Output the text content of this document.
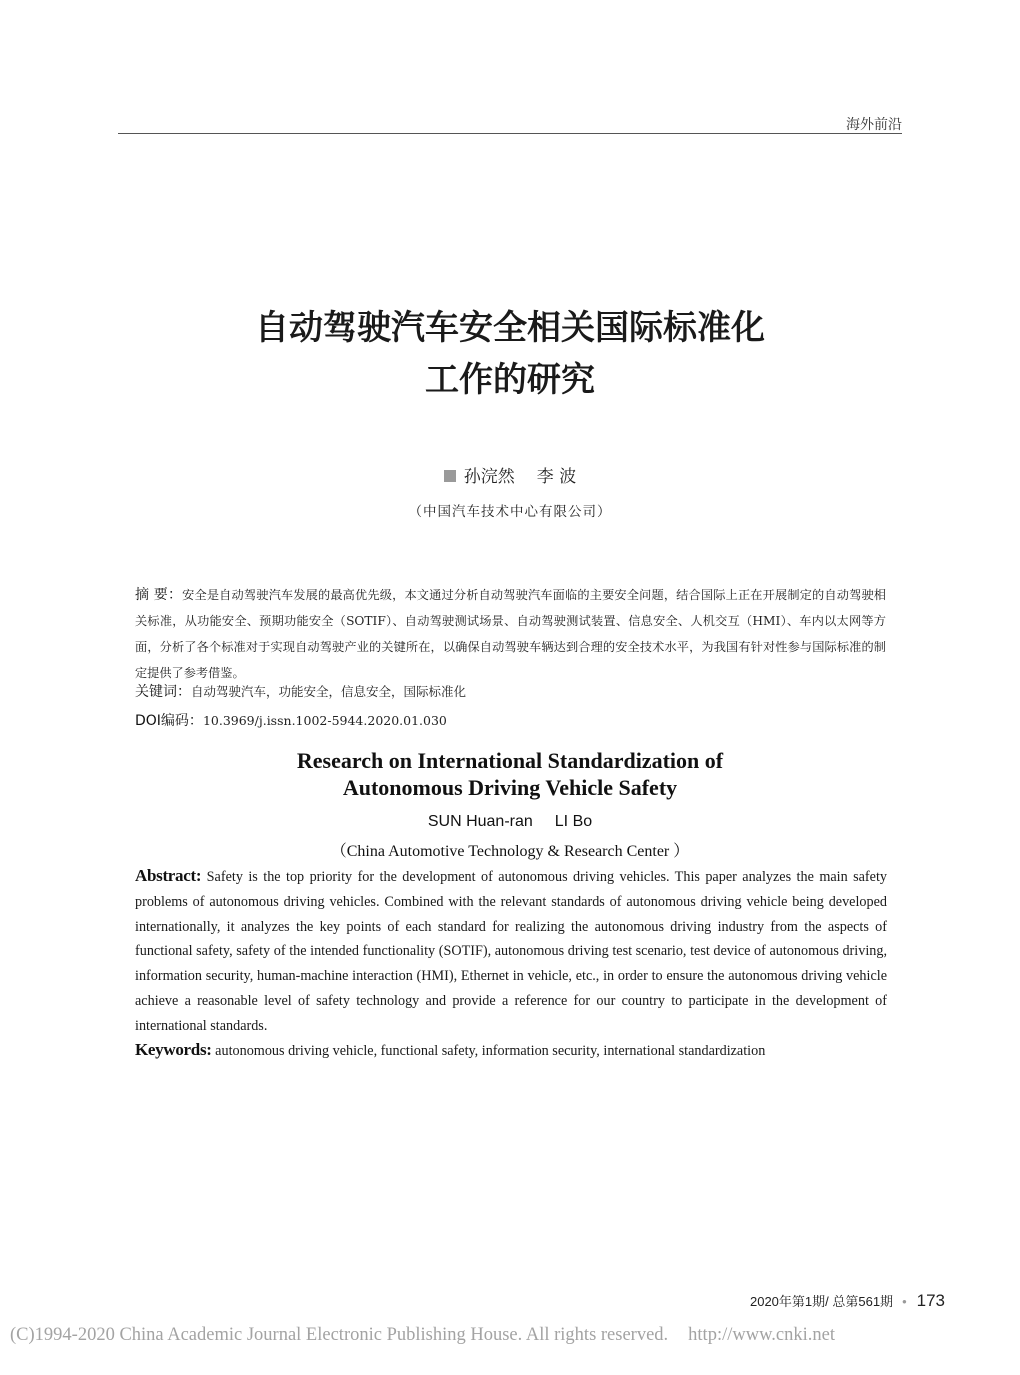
海外前沿
自动驾驶汽车安全相关国际标准化
工作的研究
孙浣然 李 波
（中国汽车技术中心有限公司）
摘 要：安全是自动驾驶汽车发展的最高优先级，本文通过分析自动驾驶汽车面临的主要安全问题，结合国际上正在开展制定的自动驾驶相关标准，从功能安全、预期功能安全（SOTIF）、自动驾驶测试场景、自动驾驶测试装置、信息安全、人机交互（HMI）、车内以太网等方面，分析了各个标准对于实现自动驾驶产业的关键所在，以确保自动驾驶车辆达到合理的安全技术水平，为我国有针对性参与国际标准的制定提供了参考借鉴。
关键词：自动驾驶汽车，功能安全，信息安全，国际标准化
DOI编码：10.3969/j.issn.1002-5944.2020.01.030
Research on International Standardization of
Autonomous Driving Vehicle Safety
SUN Huan-ran LI Bo
（China Automotive Technology & Research Center ）
Abstract: Safety is the top priority for the development of autonomous driving vehicles. This paper analyzes the main safety problems of autonomous driving vehicles. Combined with the relevant standards of autonomous driving vehicle being developed internationally, it analyzes the key points of each standard for realizing the autonomous driving industry from the aspects of functional safety, safety of the intended functionality (SOTIF), autonomous driving test scenario, test device of autonomous driving, information security, human-machine interaction (HMI), Ethernet in vehicle, etc., in order to ensure the autonomous driving vehicle achieve a reasonable level of safety technology and provide a reference for our country to participate in the development of international standards.
Keywords: autonomous driving vehicle, functional safety, information security, international standardization
2020年第1期/ 总第561期 • 173
(C)1994-2020 China Academic Journal Electronic Publishing House. All rights reserved. http://www.cnki.net
